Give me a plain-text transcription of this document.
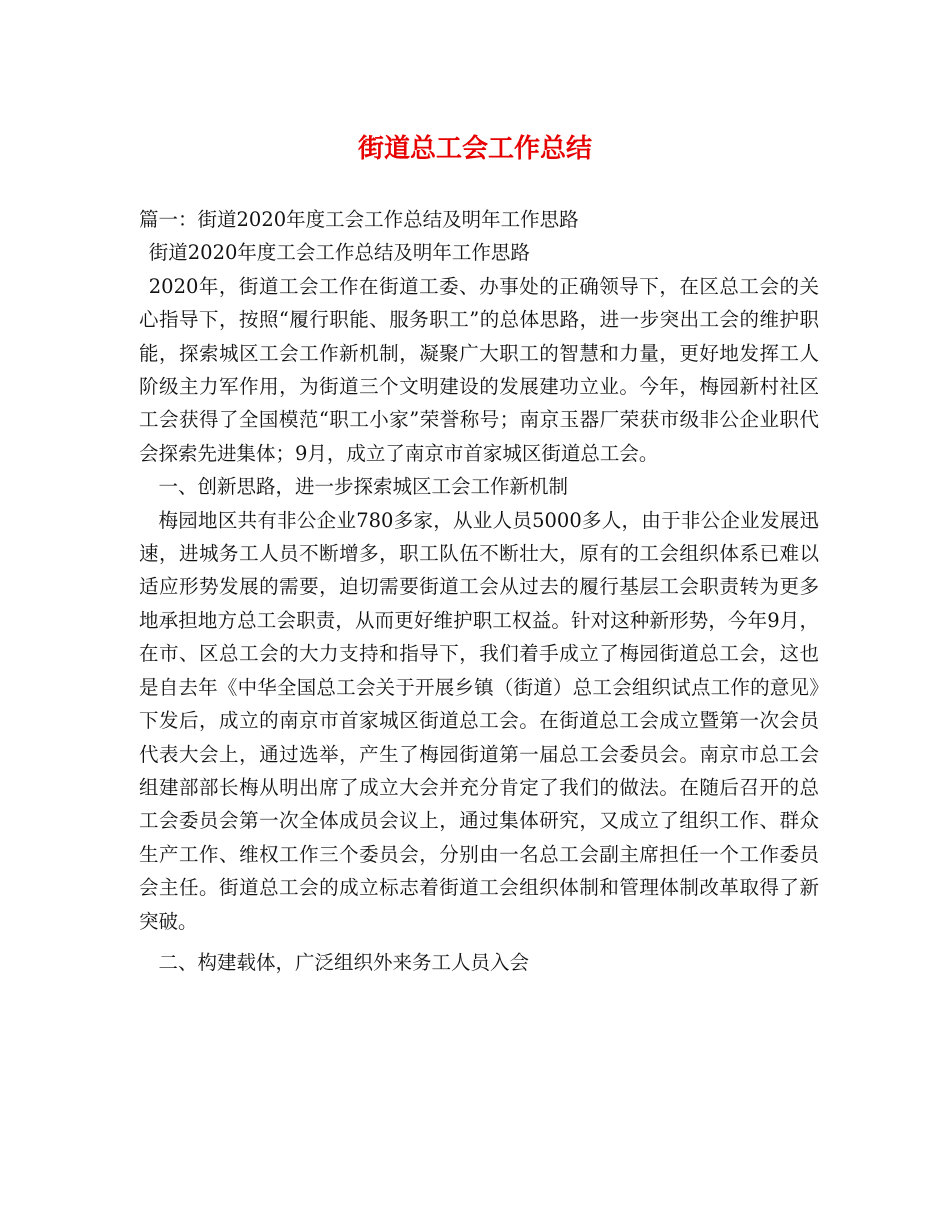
街道总工会工作总结

篇一：街道2020年度工会工作总结及明年工作思路

街道2020年度工会工作总结及明年工作思路

2020年，街道工会工作在街道工委、办事处的正确领导下，在区总工会的关心指导下，按照“履行职能、服务职工”的总体思路，进一步突出工会的维护职能，探索城区工会工作新机制，凝聚广大职工的智慧和力量，更好地发挥工人阶级主力军作用，为街道三个文明建设的发展建功立业。今年，梅园新村社区工会获得了全国模范“职工小家”荣誉称号；南京玉器厂荣获市级非公企业职代会探索先进集体；9月，成立了南京市首家城区街道总工会。

一、创新思路，进一步探索城区工会工作新机制

梅园地区共有非公企业780多家，从业人员5000多人，由于非公企业发展迅速，进城务工人员不断增多，职工队伍不断壮大，原有的工会组织体系已难以适应形势发展的需要，迫切需要街道工会从过去的履行基层工会职责转为更多地承担地方总工会职责，从而更好维护职工权益。针对这种新形势，今年9月，在市、区总工会的大力支持和指导下，我们着手成立了梅园街道总工会，这也是自去年《中华全国总工会关于开展乡镇（街道）总工会组织试点工作的意见》下发后，成立的南京市首家城区街道总工会。在街道总工会成立暨第一次会员代表大会上，通过选举，产生了梅园街道第一届总工会委员会。南京市总工会组建部部长梅从明出席了成立大会并充分肯定了我们的做法。在随后召开的总工会委员会第一次全体成员会议上，通过集体研究，又成立了组织工作、群众生产工作、维权工作三个委员会，分别由一名总工会副主席担任一个工作委员会主任。街道总工会的成立标志着街道工会组织体制和管理体制改革取得了新突破。

二、构建载体，广泛组织外来务工人员入会
